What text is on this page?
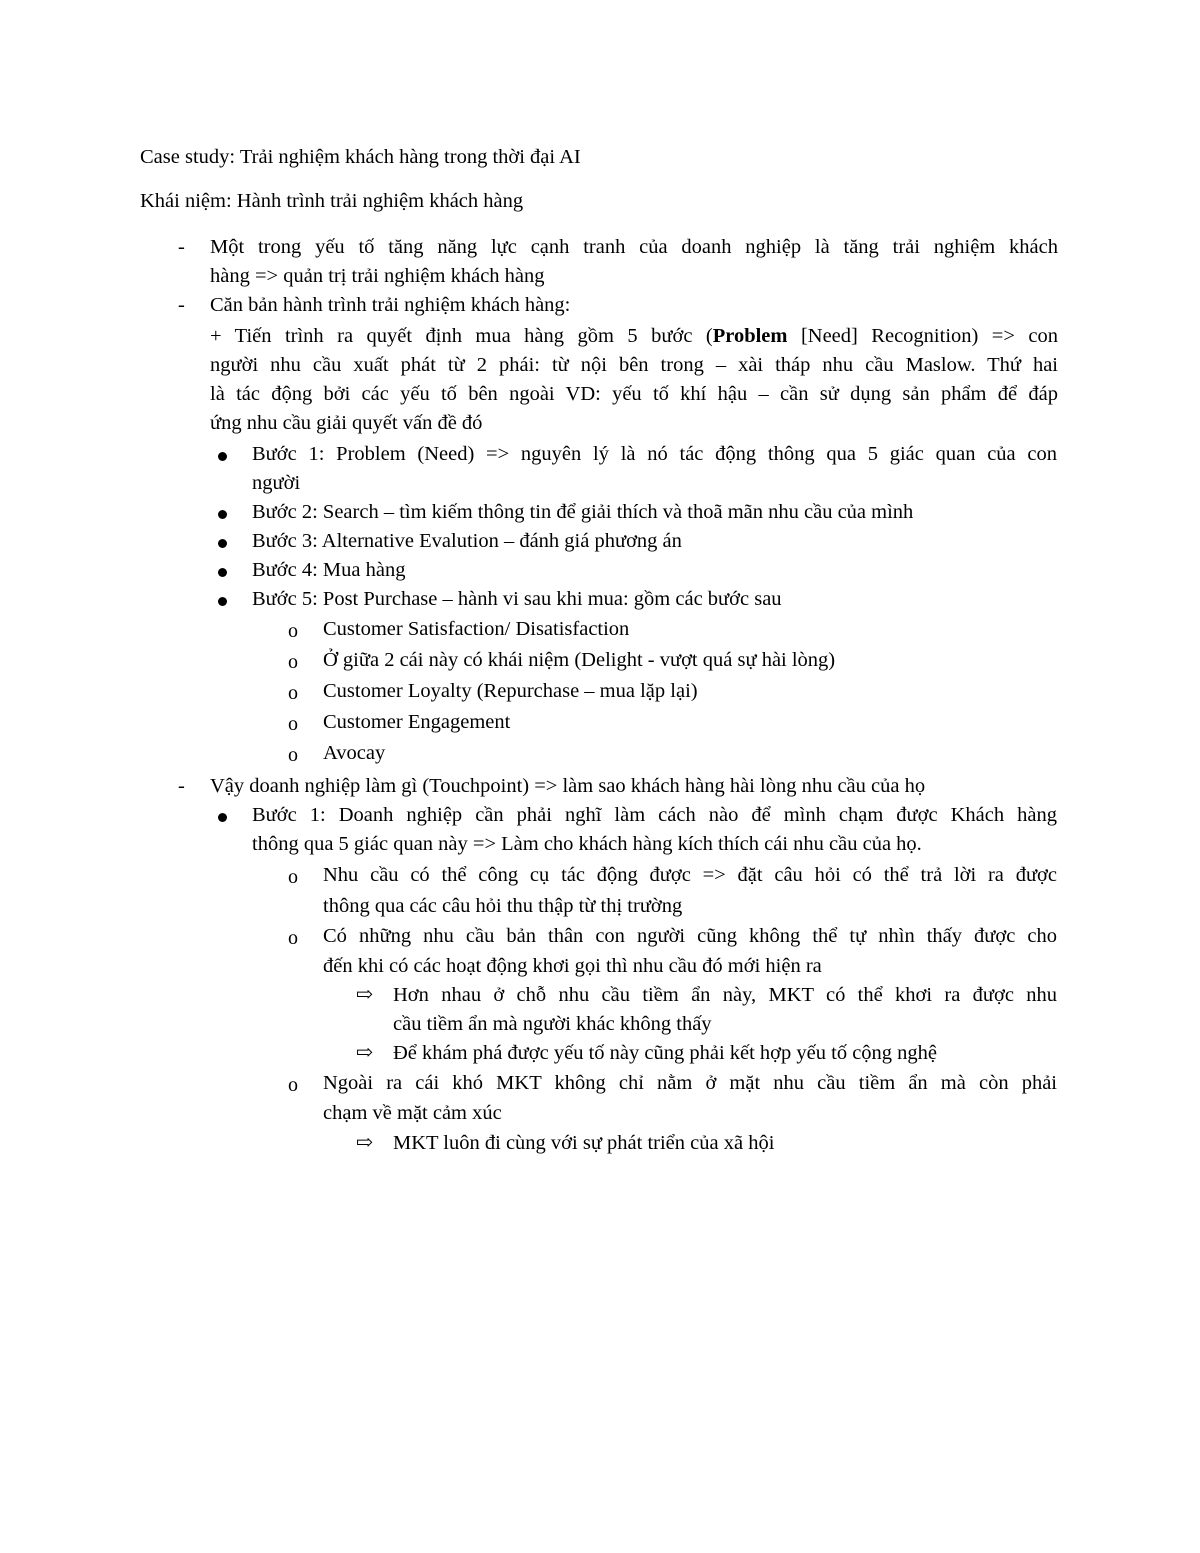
Case study: Trải nghiệm khách hàng trong thời đại AI
Khái niệm: Hành trình trải nghiệm khách hàng
- Một trong yếu tố tăng năng lực cạnh tranh của doanh nghiệp là tăng trải nghiệm khách
hàng => quản trị trải nghiệm khách hàng
- Căn bản hành trình trải nghiệm khách hàng:
+ Tiến trình ra quyết định mua hàng gồm 5 bước (Problem [Need] Recognition) => con
người nhu cầu xuất phát từ 2 phái: từ nội bên trong – xài tháp nhu cầu Maslow. Thứ hai
là tác động bởi các yếu tố bên ngoài VD: yếu tố khí hậu – cần sử dụng sản phẩm để đáp
ứng nhu cầu giải quyết vấn đề đó
Bước 1: Problem (Need) => nguyên lý là nó tác động thông qua 5 giác quan của con
người
Bước 2: Search – tìm kiếm thông tin để giải thích và thoã mãn nhu cầu của mình
Bước 3: Alternative Evalution – đánh giá phương án
Bước 4: Mua hàng
Bước 5: Post Purchase – hành vi sau khi mua: gồm các bước sau
o Customer Satisfaction/ Disatisfaction
o Ở giữa 2 cái này có khái niệm (Delight - vượt quá sự hài lòng)
o Customer Loyalty (Repurchase – mua lặp lại)
o Customer Engagement
o Avocay
- Vậy doanh nghiệp làm gì (Touchpoint) => làm sao khách hàng hài lòng nhu cầu của họ
Bước 1: Doanh nghiệp cần phải nghĩ làm cách nào để mình chạm được Khách hàng
thông qua 5 giác quan này => Làm cho khách hàng kích thích cái nhu cầu của họ.
o Nhu cầu có thể công cụ tác động được => đặt câu hỏi có thể trả lời ra được
thông qua các câu hỏi thu thập từ thị trường
o Có những nhu cầu bản thân con người cũng không thể tự nhìn thấy được cho
đến khi có các hoạt động khơi gọi thì nhu cầu đó mới hiện ra
⇨ Hơn nhau ở chỗ nhu cầu tiềm ẩn này, MKT có thể khơi ra được nhu
cầu tiềm ẩn mà người khác không thấy
⇨ Để khám phá được yếu tố này cũng phải kết hợp yếu tố cộng nghệ
o Ngoài ra cái khó MKT không chỉ nằm ở mặt nhu cầu tiềm ẩn mà còn phải
chạm về mặt cảm xúc
⇨ MKT luôn đi cùng với sự phát triển của xã hội
